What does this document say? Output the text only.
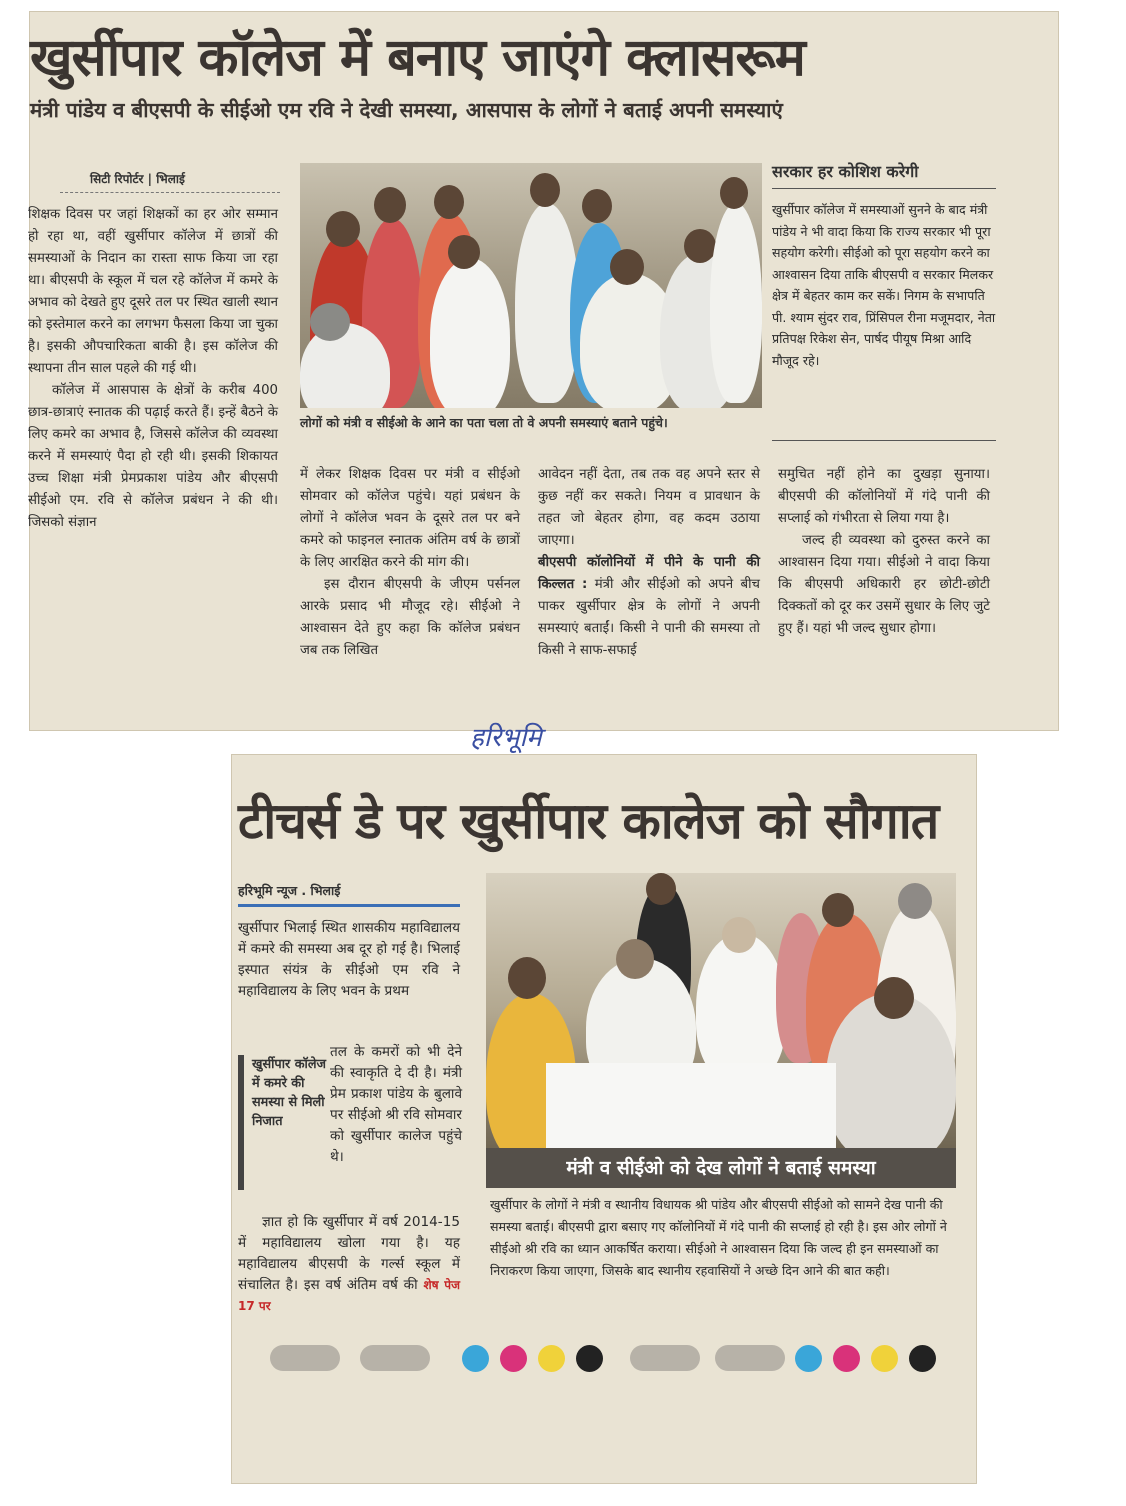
खुर्सीपार कॉलेज में बनाए जाएंगे क्लासरूम
मंत्री पांडेय व बीएसपी के सीईओ एम रवि ने देखी समस्या, आसपास के लोगों ने बताई अपनी समस्याएं
सिटी रिपोर्टर | भिलाई
शिक्षक दिवस पर जहां शिक्षकों का हर ओर सम्मान हो रहा था, वहीं खुर्सीपार कॉलेज में छात्रों की समस्याओं के निदान का रास्ता साफ किया जा रहा था। बीएसपी के स्कूल में चल रहे कॉलेज में कमरे के अभाव को देखते हुए दूसरे तल पर स्थित खाली स्थान को इस्तेमाल करने का लगभग फैसला किया जा चुका है। इसकी औपचारिकता बाकी है। इस कॉलेज की स्थापना तीन साल पहले की गई थी।
कॉलेज में आसपास के क्षेत्रों के करीब 400 छात्र-छात्राएं स्नातक की पढ़ाई करते हैं। इन्हें बैठने के लिए कमरे का अभाव है, जिससे कॉलेज की व्यवस्था करने में समस्याएं पैदा हो रही थी। इसकी शिकायत उच्च शिक्षा मंत्री प्रेमप्रकाश पांडेय और बीएसपी सीईओ एम. रवि से कॉलेज प्रबंधन ने की थी। जिसको संज्ञान
लोगों को मंत्री व सीईओ के आने का पता चला तो वे अपनी समस्याएं बताने पहुंचे।
सरकार हर कोशिश करेगी
खुर्सीपार कॉलेज में समस्याओं सुनने के बाद मंत्री पांडेय ने भी वादा किया कि राज्य सरकार भी पूरा सहयोग करेगी। सीईओ को पूरा सहयोग करने का आश्वासन दिया ताकि बीएसपी व सरकार मिलकर क्षेत्र में बेहतर काम कर सकें। निगम के सभापति पी. श्याम सुंदर राव, प्रिंसिपल रीना मजूमदार, नेता प्रतिपक्ष रिकेश सेन, पार्षद पीयूष मिश्रा आदि मौजूद रहे।
में लेकर शिक्षक दिवस पर मंत्री व सीईओ सोमवार को कॉलेज पहुंचे। यहां प्रबंधन के लोगों ने कॉलेज भवन के दूसरे तल पर बने कमरे को फाइनल स्नातक अंतिम वर्ष के छात्रों के लिए आरक्षित करने की मांग की।
इस दौरान बीएसपी के जीएम पर्सनल आरके प्रसाद भी मौजूद रहे। सीईओ ने आश्वासन देते हुए कहा कि कॉलेज प्रबंधन जब तक लिखित
आवेदन नहीं देता, तब तक वह अपने स्तर से कुछ नहीं कर सकते। नियम व प्रावधान के तहत जो बेहतर होगा, वह कदम उठाया जाएगा।
बीएसपी कॉलोनियों में पीने के पानी की किल्लत : मंत्री और सीईओ को अपने बीच पाकर खुर्सीपार क्षेत्र के लोगों ने अपनी समस्याएं बताईं। किसी ने पानी की समस्या तो किसी ने साफ-सफाई
समुचित नहीं होने का दुखड़ा सुनाया। बीएसपी की कॉलोनियों में गंदे पानी की सप्लाई को गंभीरता से लिया गया है।
जल्द ही व्यवस्था को दुरुस्त करने का आश्वासन दिया गया। सीईओ ने वादा किया कि बीएसपी अधिकारी हर छोटी-छोटी दिक्कतों को दूर कर उसमें सुधार के लिए जुटे हुए हैं। यहां भी जल्द सुधार होगा।
हरिभूमि
टीचर्स डे पर खुर्सीपार कालेज को सौगात
हरिभूमि न्यूज . भिलाई
खुर्सीपार भिलाई स्थित शासकीय महाविद्यालय में कमरे की समस्या अब दूर हो गई है। भिलाई इस्पात संयंत्र के सीईओ एम रवि ने महाविद्यालय के लिए भवन के प्रथम
खुर्सीपार कॉलेज में कमरे की समस्या से मिली निजात
तल के कमरों को भी देने की स्वाकृति दे दी है। मंत्री प्रेम प्रकाश पांडेय के बुलावे पर सीईओ श्री रवि सोमवार को खुर्सीपार कालेज पहुंचे थे।
ज्ञात हो कि खुर्सीपार में वर्ष 2014-15 में महाविद्यालय खोला गया है। यह महाविद्यालय बीएसपी के गर्ल्स स्कूल में संचालित है। इस वर्ष अंतिम वर्ष की शेष पेज 17 पर
मंत्री व सीईओ को देख लोगों ने बताई समस्या
खुर्सीपार के लोगों ने मंत्री व स्थानीय विधायक श्री पांडेय और बीएसपी सीईओ को सामने देख पानी की समस्या बताई। बीएसपी द्वारा बसाए गए कॉलोनियों में गंदे पानी की सप्लाई हो रही है। इस ओर लोगों ने सीईओ श्री रवि का ध्यान आकर्षित कराया। सीईओ ने आश्वासन दिया कि जल्द ही इन समस्याओं का निराकरण किया जाएगा, जिसके बाद स्थानीय रहवासियों ने अच्छे दिन आने की बात कही।
